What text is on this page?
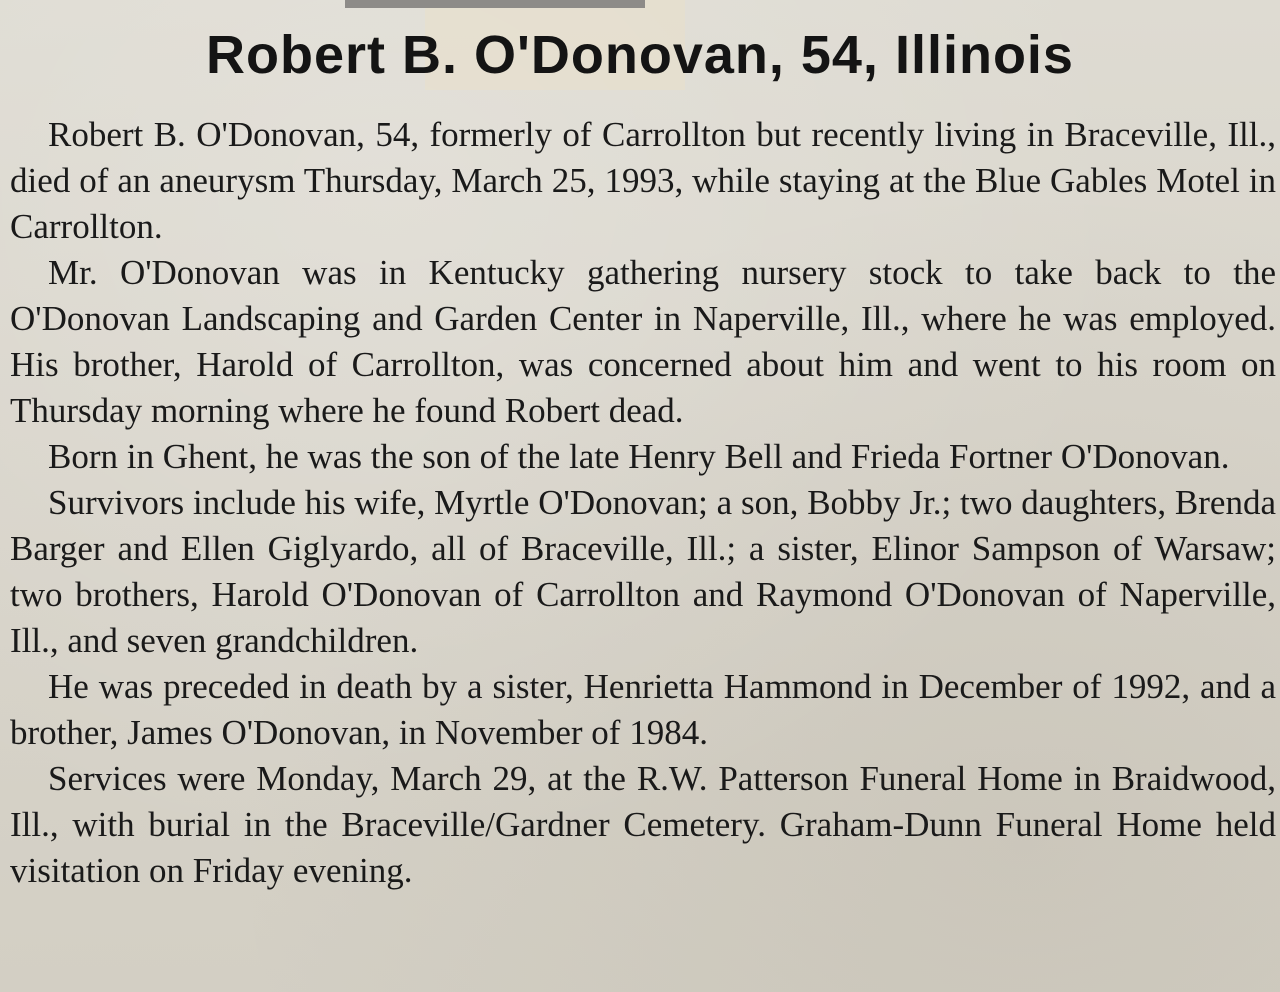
Robert B. O'Donovan, 54, Illinois

Robert B. O'Donovan, 54, formerly of Carrollton but recently living in Braceville, Ill., died of an aneurysm Thursday, March 25, 1993, while staying at the Blue Gables Motel in Carrollton.

Mr. O'Donovan was in Kentucky gathering nursery stock to take back to the O'Donovan Landscaping and Garden Center in Naperville, Ill., where he was employed. His brother, Harold of Carrollton, was concerned about him and went to his room on Thursday morning where he found Robert dead.

Born in Ghent, he was the son of the late Henry Bell and Frieda Fortner O'Donovan.

Survivors include his wife, Myrtle O'Donovan; a son, Bobby Jr.; two daughters, Brenda Barger and Ellen Giglyardo, all of Braceville, Ill.; a sister, Elinor Sampson of Warsaw; two brothers, Harold O'Donovan of Carrollton and Raymond O'Donovan of Naperville, Ill., and seven grandchildren.

He was preceded in death by a sister, Henrietta Hammond in December of 1992, and a brother, James O'Donovan, in November of 1984.

Services were Monday, March 29, at the R.W. Patterson Funeral Home in Braidwood, Ill., with burial in the Braceville/Gardner Cemetery. Graham-Dunn Funeral Home held visitation on Friday evening.
